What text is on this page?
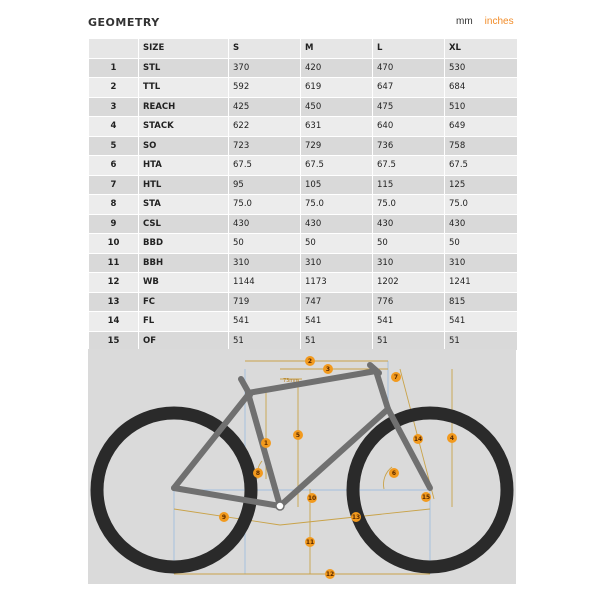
GEOMETRY	mm inches
	SIZE	S	M	L	XL
1	STL	370	420	470	530
2	TTL	592	619	647	684
3	REACH	425	450	475	510
4	STACK	622	631	640	649
5	SO	723	729	736	758
6	HTA	67.5	67.5	67.5	67.5
7	HTL	95	105	115	125
8	STA	75.0	75.0	75.0	75.0
9	CSL	430	430	430	430
10	BBD	50	50	50	50
11	BBH	310	310	310	310
12	WB	1144	1173	1202	1241
13	FC	719	747	776	815
14	FL	541	541	541	541
15	OF	51	51	51	51
1
2
3
4
5
6
7
8
9
10
11
12
13
14
15
73mm
